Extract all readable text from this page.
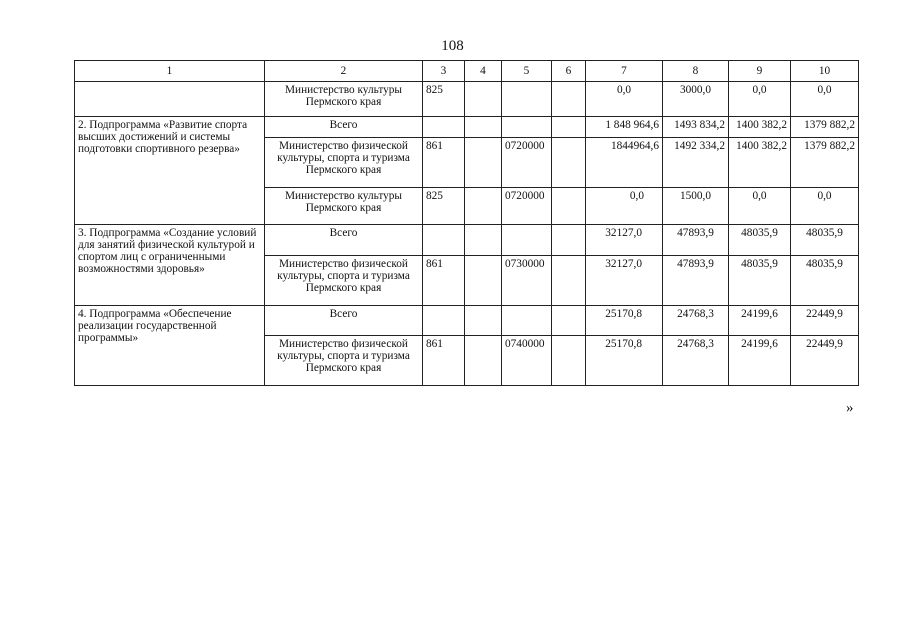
108
1	2	3	4	5	6	7	8	9	10
	Министерство культуры Пермского края	825				0,0	3000,0	0,0	0,0
2. Подпрограмма «Развитие спорта высших достижений и системы подготовки спортивного резерва»	Всего					1 848 964,6	1493 834,2	1400 382,2	1379 882,2
	Министерство физической культуры, спорта и туризма Пермского края	861		0720000		1844964,6	1492 334,2	1400 382,2	1379 882,2
	Министерство культуры Пермского края	825		0720000		0,0	1500,0	0,0	0,0
3. Подпрограмма «Создание условий для занятий физической культурой и спортом лиц с ограниченными возможностями здоровья»	Всего					32127,0	47893,9	48035,9	48035,9
	Министерство физической культуры, спорта и туризма Пермского края	861		0730000		32127,0	47893,9	48035,9	48035,9
4. Подпрограмма «Обеспечение реализации государственной программы»	Всего					25170,8	24768,3	24199,6	22449,9
	Министерство физической культуры, спорта и туризма Пермского края	861		0740000		25170,8	24768,3	24199,6	22449,9
»
